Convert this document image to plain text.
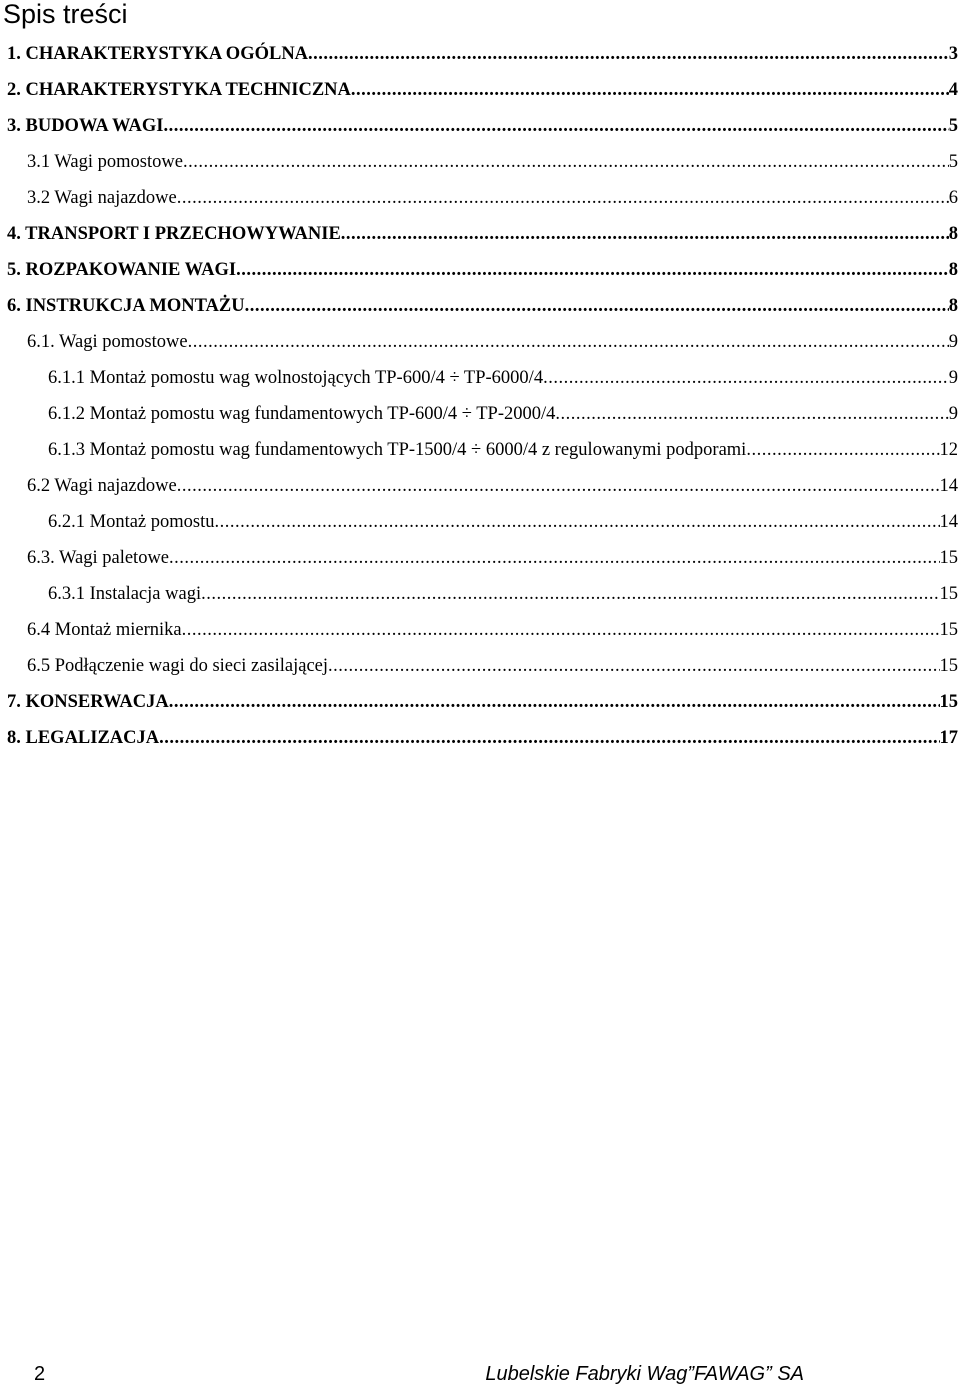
Spis treści
1. CHARAKTERYSTYKA OGÓLNA .....	3
2. CHARAKTERYSTYKA TECHNICZNA .....	4
3. BUDOWA WAGI .....	5
3.1 Wagi pomostowe .....	5
3.2 Wagi najazdowe .....	6
4. TRANSPORT I PRZECHOWYWANIE .....	8
5. ROZPAKOWANIE WAGI .....	8
6. INSTRUKCJA MONTAŻU .....	8
6.1. Wagi pomostowe .....	9
6.1.1 Montaż pomostu wag wolnostojących TP-600/4 ÷ TP-6000/4 .....	9
6.1.2 Montaż pomostu wag fundamentowych TP-600/4 ÷ TP-2000/4 .....	9
6.1.3 Montaż pomostu wag fundamentowych TP-1500/4 ÷ 6000/4 z regulowanymi podporami .....	12
6.2 Wagi najazdowe .....	14
6.2.1 Montaż pomostu .....	14
6.3. Wagi paletowe .....	15
6.3.1 Instalacja wagi .....	15
6.4 Montaż miernika .....	15
6.5 Podłączenie wagi do sieci zasilającej .....	15
7. KONSERWACJA .....	15
8. LEGALIZACJA .....	17
2	Lubelskie Fabryki Wag”FAWAG” SA
